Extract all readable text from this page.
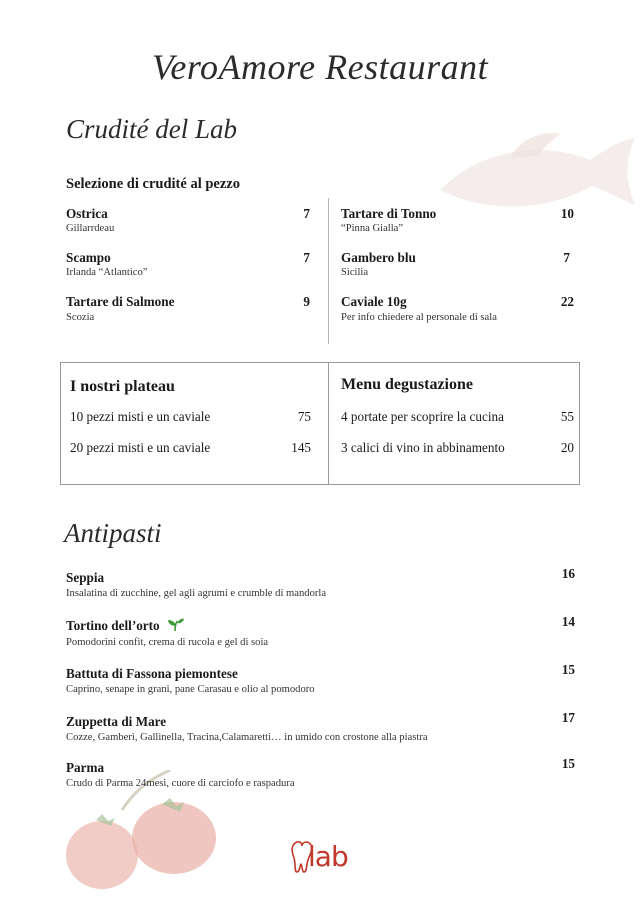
VeroAmore Restaurant
Crudité del Lab
Selezione di crudité al pezzo
Ostrica
Gillarrdeau
7
Scampo
Irlanda “Atlantico”
7
Tartare di Salmone
Scozia
9
Tartare di Tonno
“Pinna Gialla”
10
Gambero blu
Sicilia
7
Caviale 10g
Per info chiedere al personale di sala
22
I nostri plateau
10 pezzi misti e un caviale	75
20 pezzi misti e un caviale	145
Menu degustazione
4 portate per scoprire la cucina	55
3 calici di vino in abbinamento	20
Antipasti
Seppia
Insalatina di zucchine, gel agli agrumi e crumble di mandorla
16
Tortino dell’orto
Pomodorini confit, crema di rucola e gel di soia
14
Battuta di Fassona piemontese
Caprino, senape in grani, pane Carasau e olio al pomodoro
15
Zuppetta di Mare
Cozze, Gamberi, Gallinella, Tracina,Calamaretti… in umido con crostone alla piastra
17
Parma
Crudo di Parma 24mesi, cuore di carciofo e raspadura
15
lab
